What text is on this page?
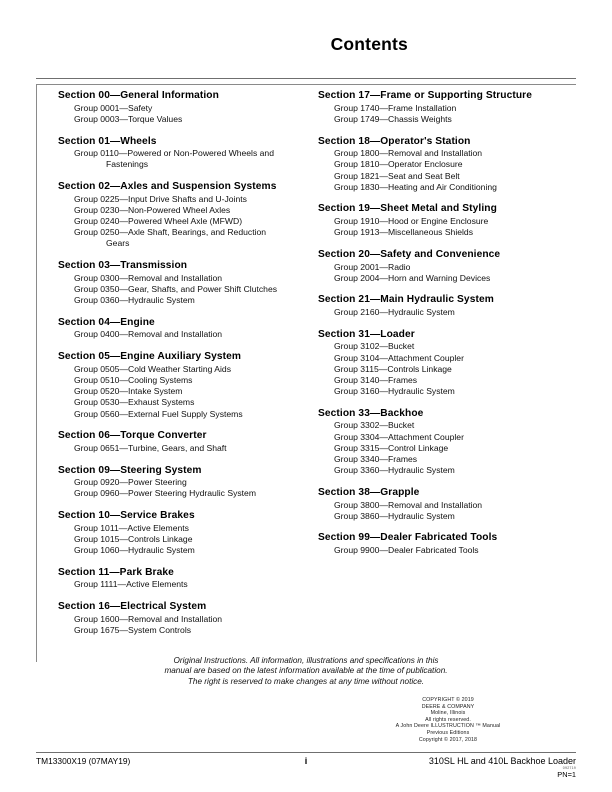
Contents
Section 00—General Information
Group 0001—Safety
Group 0003—Torque Values
Section 01—Wheels
Group 0110—Powered or Non-Powered Wheels and
Fastenings
Section 02—Axles and Suspension Systems
Group 0225—Input Drive Shafts and U-Joints
Group 0230—Non-Powered Wheel Axles
Group 0240—Powered Wheel Axle (MFWD)
Group 0250—Axle Shaft, Bearings, and Reduction
Gears
Section 03—Transmission
Group 0300—Removal and Installation
Group 0350—Gear, Shafts, and Power Shift Clutches
Group 0360—Hydraulic System
Section 04—Engine
Group 0400—Removal and Installation
Section 05—Engine Auxiliary System
Group 0505—Cold Weather Starting Aids
Group 0510—Cooling Systems
Group 0520—Intake System
Group 0530—Exhaust Systems
Group 0560—External Fuel Supply Systems
Section 06—Torque Converter
Group 0651—Turbine, Gears, and Shaft
Section 09—Steering System
Group 0920—Power Steering
Group 0960—Power Steering Hydraulic System
Section 10—Service Brakes
Group 1011—Active Elements
Group 1015—Controls Linkage
Group 1060—Hydraulic System
Section 11—Park Brake
Group 1111—Active Elements
Section 16—Electrical System
Group 1600—Removal and Installation
Group 1675—System Controls
Section 17—Frame or Supporting Structure
Group 1740—Frame Installation
Group 1749—Chassis Weights
Section 18—Operator's Station
Group 1800—Removal and Installation
Group 1810—Operator Enclosure
Group 1821—Seat and Seat Belt
Group 1830—Heating and Air Conditioning
Section 19—Sheet Metal and Styling
Group 1910—Hood or Engine Enclosure
Group 1913—Miscellaneous Shields
Section 20—Safety and Convenience
Group 2001—Radio
Group 2004—Horn and Warning Devices
Section 21—Main Hydraulic System
Group 2160—Hydraulic System
Section 31—Loader
Group 3102—Bucket
Group 3104—Attachment Coupler
Group 3115—Controls Linkage
Group 3140—Frames
Group 3160—Hydraulic System
Section 33—Backhoe
Group 3302—Bucket
Group 3304—Attachment Coupler
Group 3315—Control Linkage
Group 3340—Frames
Group 3360—Hydraulic System
Section 38—Grapple
Group 3800—Removal and Installation
Group 3860—Hydraulic System
Section 99—Dealer Fabricated Tools
Group 9900—Dealer Fabricated Tools
Original Instructions. All information, illustrations and specifications in this
manual are based on the latest information available at the time of publication.
The right is reserved to make changes at any time without notice.
COPYRIGHT © 2019
DEERE & COMPANY
Moline, Illinois
All rights reserved.
A John Deere ILLUSTRUCTION ™ Manual
Previous Editions
Copyright © 2017, 2018
TM13300X19 (07MAY19)	i	310SL HL and 410L Backhoe Loader
092719
PN=1
